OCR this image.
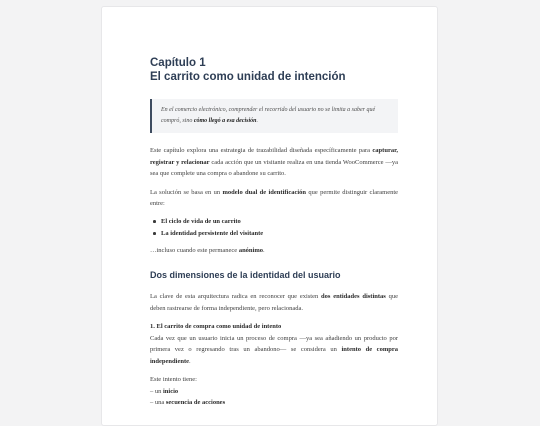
Capítulo 1
El carrito como unidad de intención
En el comercio electrónico, comprender el recorrido del usuario no se limita a saber qué compró, sino cómo llegó a esa decisión.

Este capítulo explora una estrategia de trazabilidad diseñada específicamente para capturar, registrar y relacionar cada acción que un visitante realiza en una tienda WooCommerce —ya sea que complete una compra o abandone su carrito.

La solución se basa en un modelo dual de identificación que permite distinguir claramente entre:

El ciclo de vida de un carrito
La identidad persistente del visitante

…incluso cuando este permanece anónimo.

Dos dimensiones de la identidad del usuario

La clave de esta arquitectura radica en reconocer que existen dos entidades distintas que deben rastrearse de forma independiente, pero relacionada.

1. El carrito de compra como unidad de intento
Cada vez que un usuario inicia un proceso de compra —ya sea añadiendo un producto por primera vez o regresando tras un abandono— se considera un intento de compra independiente.

Este intento tiene:
– un inicio
– una secuencia de acciones
